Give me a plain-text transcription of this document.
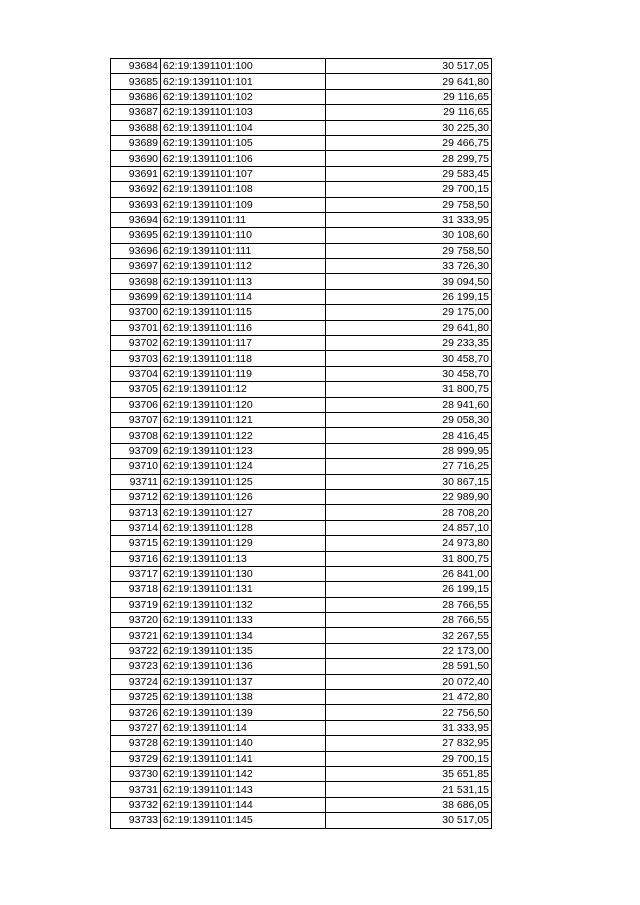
93684	62:19:1391101:100	30 517,05
93685	62:19:1391101:101	29 641,80
93686	62:19:1391101:102	29 116,65
93687	62:19:1391101:103	29 116,65
93688	62:19:1391101:104	30 225,30
93689	62:19:1391101:105	29 466,75
93690	62:19:1391101:106	28 299,75
93691	62:19:1391101:107	29 583,45
93692	62:19:1391101:108	29 700,15
93693	62:19:1391101:109	29 758,50
93694	62:19:1391101:11	31 333,95
93695	62:19:1391101:110	30 108,60
93696	62:19:1391101:111	29 758,50
93697	62:19:1391101:112	33 726,30
93698	62:19:1391101:113	39 094,50
93699	62:19:1391101:114	26 199,15
93700	62:19:1391101:115	29 175,00
93701	62:19:1391101:116	29 641,80
93702	62:19:1391101:117	29 233,35
93703	62:19:1391101:118	30 458,70
93704	62:19:1391101:119	30 458,70
93705	62:19:1391101:12	31 800,75
93706	62:19:1391101:120	28 941,60
93707	62:19:1391101:121	29 058,30
93708	62:19:1391101:122	28 416,45
93709	62:19:1391101:123	28 999,95
93710	62:19:1391101:124	27 716,25
93711	62:19:1391101:125	30 867,15
93712	62:19:1391101:126	22 989,90
93713	62:19:1391101:127	28 708,20
93714	62:19:1391101:128	24 857,10
93715	62:19:1391101:129	24 973,80
93716	62:19:1391101:13	31 800,75
93717	62:19:1391101:130	26 841,00
93718	62:19:1391101:131	26 199,15
93719	62:19:1391101:132	28 766,55
93720	62:19:1391101:133	28 766,55
93721	62:19:1391101:134	32 267,55
93722	62:19:1391101:135	22 173,00
93723	62:19:1391101:136	28 591,50
93724	62:19:1391101:137	20 072,40
93725	62:19:1391101:138	21 472,80
93726	62:19:1391101:139	22 756,50
93727	62:19:1391101:14	31 333,95
93728	62:19:1391101:140	27 832,95
93729	62:19:1391101:141	29 700,15
93730	62:19:1391101:142	35 651,85
93731	62:19:1391101:143	21 531,15
93732	62:19:1391101:144	38 686,05
93733	62:19:1391101:145	30 517,05
